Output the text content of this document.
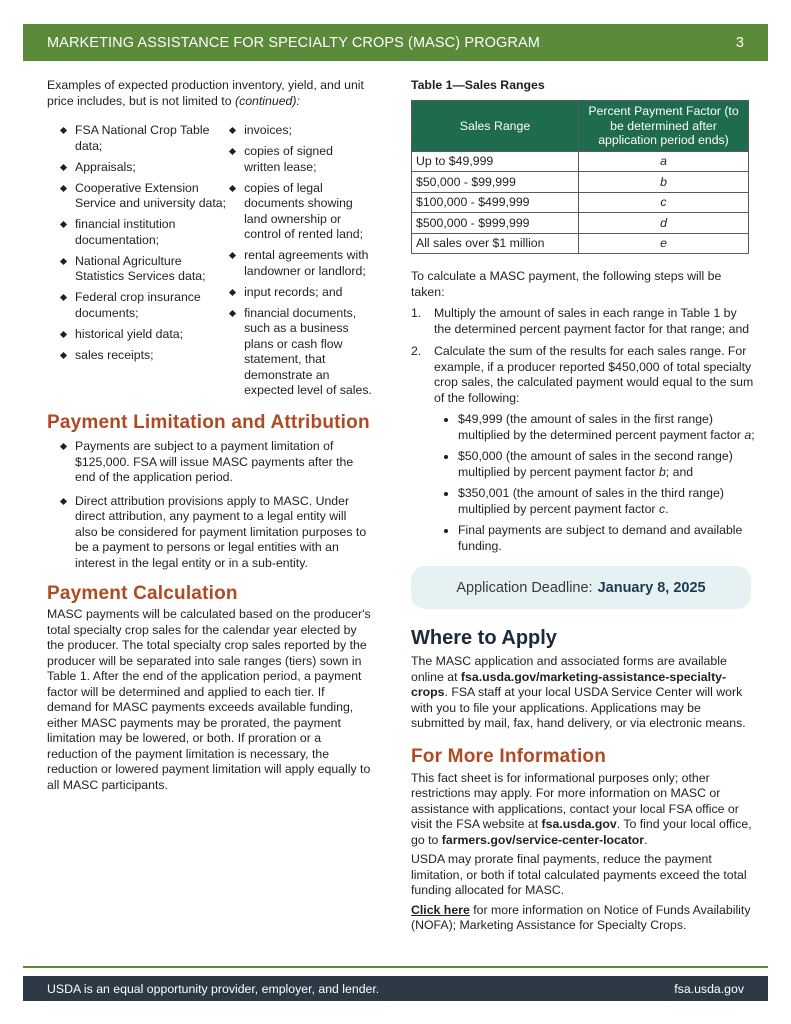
MARKETING ASSISTANCE FOR SPECIALTY CROPS (MASC) PROGRAM	3

Examples of expected production inventory, yield, and unit price includes, but is not limited to (continued):

FSA National Crop Table data;
Appraisals;
Cooperative Extension Service and university data;
financial institution documentation;
National Agriculture Statistics Services data;
Federal crop insurance documents;
historical yield data;
sales receipts;
invoices;
copies of signed written lease;
copies of legal documents showing land ownership or control of rented land;
rental agreements with landowner or landlord;
input records; and
financial documents, such as a business plans or cash flow statement, that demonstrate an expected level of sales.
Payment Limitation and Attribution
Payments are subject to a payment limitation of $125,000. FSA will issue MASC payments after the end of the application period.
Direct attribution provisions apply to MASC. Under direct attribution, any payment to a legal entity will also be considered for payment limitation purposes to be a payment to persons or legal entities with an interest in the legal entity or in a sub-entity.
Payment Calculation

MASC payments will be calculated based on the producer's total specialty crop sales for the calendar year elected by the producer. The total specialty crop sales reported by the producer will be separated into sale ranges (tiers) sown in Table 1. After the end of the application period, a payment factor will be determined and applied to each tier. If demand for MASC payments exceeds available funding, either MASC payments may be prorated, the payment limitation may be lowered, or both. If proration or a reduction of the payment limitation is necessary, the reduction or lowered payment limitation will apply equally to all MASC participants.

Table 1—Sales Ranges
Sales Range	Percent Payment Factor (to be determined after application period ends)
Up to $49,999	a
$50,000 - $99,999	b
$100,000 - $499,999	c
$500,000 - $999,999	d
All sales over $1 million	e

To calculate a MASC payment, the following steps will be taken:

1. Multiply the amount of sales in each range in Table 1 by the determined percent payment factor for that range; and
2. Calculate the sum of the results for each sales range. For example, if a producer reported $450,000 of total specialty crop sales, the calculated payment would equal to the sum of the following:
$49,999 (the amount of sales in the first range) multiplied by the determined percent payment factor a;
$50,000 (the amount of sales in the second range) multiplied by percent payment factor b; and
$350,001 (the amount of sales in the third range) multiplied by percent payment factor c.
Final payments are subject to demand and available funding.
Application Deadline: January 8, 2025
Where to Apply

The MASC application and associated forms are available online at fsa.usda.gov/marketing-assistance-specialty-crops. FSA staff at your local USDA Service Center will work with you to file your applications. Applications may be submitted by mail, fax, hand delivery, or via electronic means.

For More Information

This fact sheet is for informational purposes only; other restrictions may apply. For more information on MASC or assistance with applications, contact your local FSA office or visit the FSA website at fsa.usda.gov. To find your local office, go to farmers.gov/service-center-locator.

USDA may prorate final payments, reduce the payment limitation, or both if total calculated payments exceed the total funding allocated for MASC.

Click here for more information on Notice of Funds Availability (NOFA); Marketing Assistance for Specialty Crops.

USDA is an equal opportunity provider, employer, and lender.	fsa.usda.gov
